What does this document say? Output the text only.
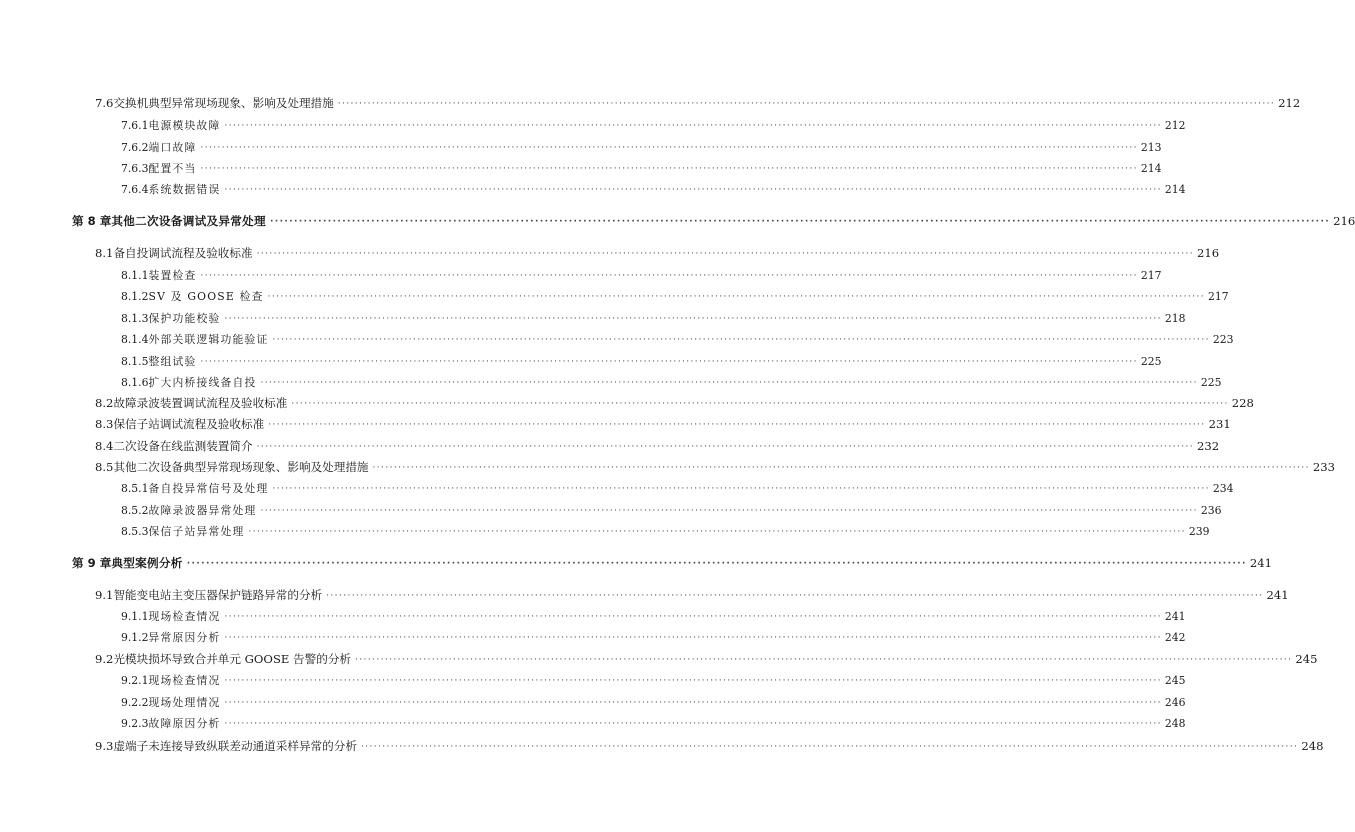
7.6 交换机典型异常现场现象、影响及处理措施 ···························································································································································································································· 212
7.6.1 电源模块故障 ···························································································································································································································· 212
7.6.2 端口故障 ···························································································································································································································· 213
7.6.3 配置不当 ···························································································································································································································· 214
7.6.4 系统数据错误 ···························································································································································································································· 214
第 8 章 其他二次设备调试及异常处理 ···························································································································································································································· 216
8.1 备自投调试流程及验收标准 ···························································································································································································································· 216
8.1.1 装置检查 ···························································································································································································································· 217
8.1.2 SV 及 GOOSE 检查 ···························································································································································································································· 217
8.1.3 保护功能校验 ···························································································································································································································· 218
8.1.4 外部关联逻辑功能验证 ···························································································································································································································· 223
8.1.5 整组试验 ···························································································································································································································· 225
8.1.6 扩大内桥接线备自投 ···························································································································································································································· 225
8.2 故障录波装置调试流程及验收标准 ···························································································································································································································· 228
8.3 保信子站调试流程及验收标准 ···························································································································································································································· 231
8.4 二次设备在线监测装置简介 ···························································································································································································································· 232
8.5 其他二次设备典型异常现场现象、影响及处理措施 ···························································································································································································································· 233
8.5.1 备自投异常信号及处理 ···························································································································································································································· 234
8.5.2 故障录波器异常处理 ···························································································································································································································· 236
8.5.3 保信子站异常处理 ···························································································································································································································· 239
第 9 章 典型案例分析 ···························································································································································································································· 241
9.1 智能变电站主变压器保护链路异常的分析 ···························································································································································································································· 241
9.1.1 现场检查情况 ···························································································································································································································· 241
9.1.2 异常原因分析 ···························································································································································································································· 242
9.2 光模块损坏导致合并单元 GOOSE 告警的分析 ···························································································································································································································· 245
9.2.1 现场检查情况 ···························································································································································································································· 245
9.2.2 现场处理情况 ···························································································································································································································· 246
9.2.3 故障原因分析 ···························································································································································································································· 248
9.3 虚端子未连接导致纵联差动通道采样异常的分析 ···························································································································································································································· 248
